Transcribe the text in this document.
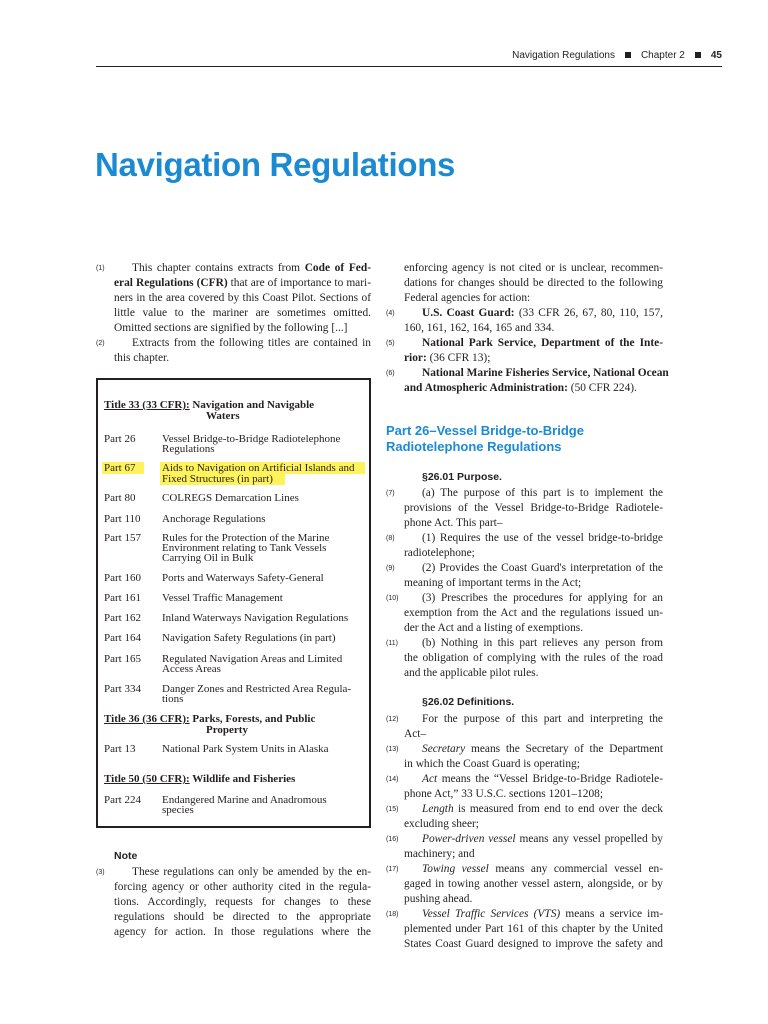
Navigation Regulations	Chapter 2	45
Navigation Regulations
(1)	This chapter contains extracts from Code of Fed-
eral Regulations (CFR) that are of importance to mari-
ners in the area covered by this Coast Pilot. Sections of
little value to the mariner are sometimes omitted.
Omitted sections are signified by the following [...]
(2) Extracts from the following titles are contained in
this chapter.
Title 33 (33 CFR): Navigation and Navigable
Waters
Part 26 Vessel Bridge-to-Bridge Radiotelephone
Regulations
Part 67 Aids to Navigation on Artificial Islands and
Fixed Structures (in part)
Part 80 COLREGS Demarcation Lines
Part 110 Anchorage Regulations
Part 157 Rules for the Protection of the Marine
Environment relating to Tank Vessels
Carrying Oil in Bulk
Part 160 Ports and Waterways Safety-General
Part 161 Vessel Traffic Management
Part 162 Inland Waterways Navigation Regulations
Part 164 Navigation Safety Regulations (in part)
Part 165 Regulated Navigation Areas and Limited
Access Areas
Part 334 Danger Zones and Restricted Area Regula-
tions
Title 36 (36 CFR): Parks, Forests, and Public
Property
Part 13 National Park System Units in Alaska
Title 50 (50 CFR): Wildlife and Fisheries
Part 224 Endangered Marine and Anadromous
species
Note
(3) These regulations can only be amended by the en-
forcing agency or other authority cited in the regula-
tions. Accordingly, requests for changes to these
regulations should be directed to the appropriate
agency for action. In those regulations where the
enforcing agency is not cited or is unclear, recommen-
dations for changes should be directed to the following
Federal agencies for action:
(4) U.S. Coast Guard: (33 CFR 26, 67, 80, 110, 157,
160, 161, 162, 164, 165 and 334.
(5) National Park Service, Department of the Inte-
rior: (36 CFR 13);
(6) National Marine Fisheries Service, National Ocean
and Atmospheric Administration: (50 CFR 224).
Part 26–Vessel Bridge-to-Bridge
Radiotelephone Regulations
§26.01 Purpose.
(7) (a) The purpose of this part is to implement the
provisions of the Vessel Bridge-to-Bridge Radiotele-
phone Act. This part–
(8) (1) Requires the use of the vessel bridge-to-bridge
radiotelephone;
(9) (2) Provides the Coast Guard's interpretation of the
meaning of important terms in the Act;
(10) (3) Prescribes the procedures for applying for an
exemption from the Act and the regulations issued un-
der the Act and a listing of exemptions.
(11) (b) Nothing in this part relieves any person from
the obligation of complying with the rules of the road
and the applicable pilot rules.
§26.02 Definitions.
(12) For the purpose of this part and interpreting the
Act–
(13) Secretary means the Secretary of the Department
in which the Coast Guard is operating;
(14) Act means the “Vessel Bridge-to-Bridge Radiotele-
phone Act,” 33 U.S.C. sections 1201–1208;
(15) Length is measured from end to end over the deck
excluding sheer;
(16) Power-driven vessel means any vessel propelled by
machinery; and
(17) Towing vessel means any commercial vessel en-
gaged in towing another vessel astern, alongside, or by
pushing ahead.
(18) Vessel Traffic Services (VTS) means a service im-
plemented under Part 161 of this chapter by the United
States Coast Guard designed to improve the safety and
